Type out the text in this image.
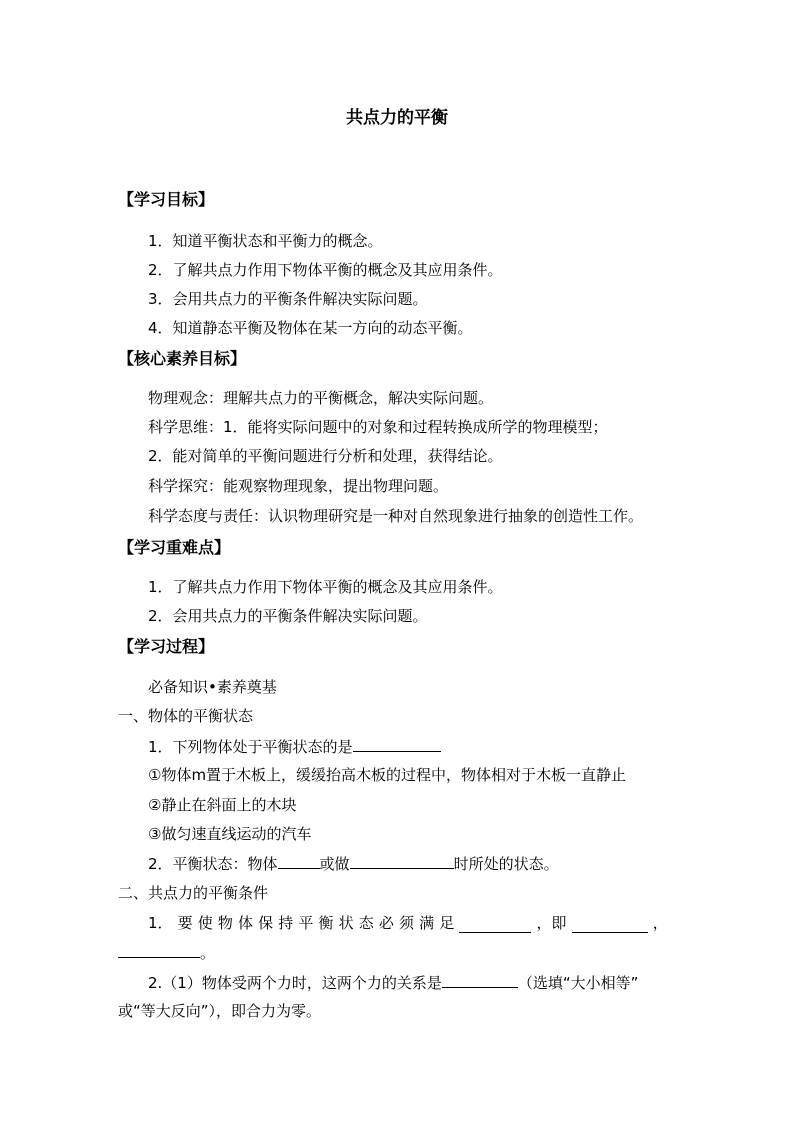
共点力的平衡
【学习目标】
1．知道平衡状态和平衡力的概念。
2．了解共点力作用下物体平衡的概念及其应用条件。
3．会用共点力的平衡条件解决实际问题。
4．知道静态平衡及物体在某一方向的动态平衡。
【核心素养目标】
物理观念：理解共点力的平衡概念，解决实际问题。
科学思维：1．能将实际问题中的对象和过程转换成所学的物理模型；
2．能对简单的平衡问题进行分析和处理，获得结论。
科学探究：能观察物理现象，提出物理问题。
科学态度与责任：认识物理研究是一种对自然现象进行抽象的创造性工作。
【学习重难点】
1．了解共点力作用下物体平衡的概念及其应用条件。
2．会用共点力的平衡条件解决实际问题。
【学习过程】
必备知识•素养奠基
一、物体的平衡状态
1．下列物体处于平衡状态的是
①物体m置于木板上，缓缓抬高木板的过程中，物体相对于木板一直静止
②静止在斜面上的木块
③做匀速直线运动的汽车
2．平衡状态：物体	或做	时所处的状态。
二、共点力的平衡条件
1． 要 使 物 体 保 持 平 衡 状 态 必 须 满 足	，即	，
。
2.（1）物体受两个力时，这两个力的关系是	（选填“大小相等”
或“等大反向”），即合力为零。
